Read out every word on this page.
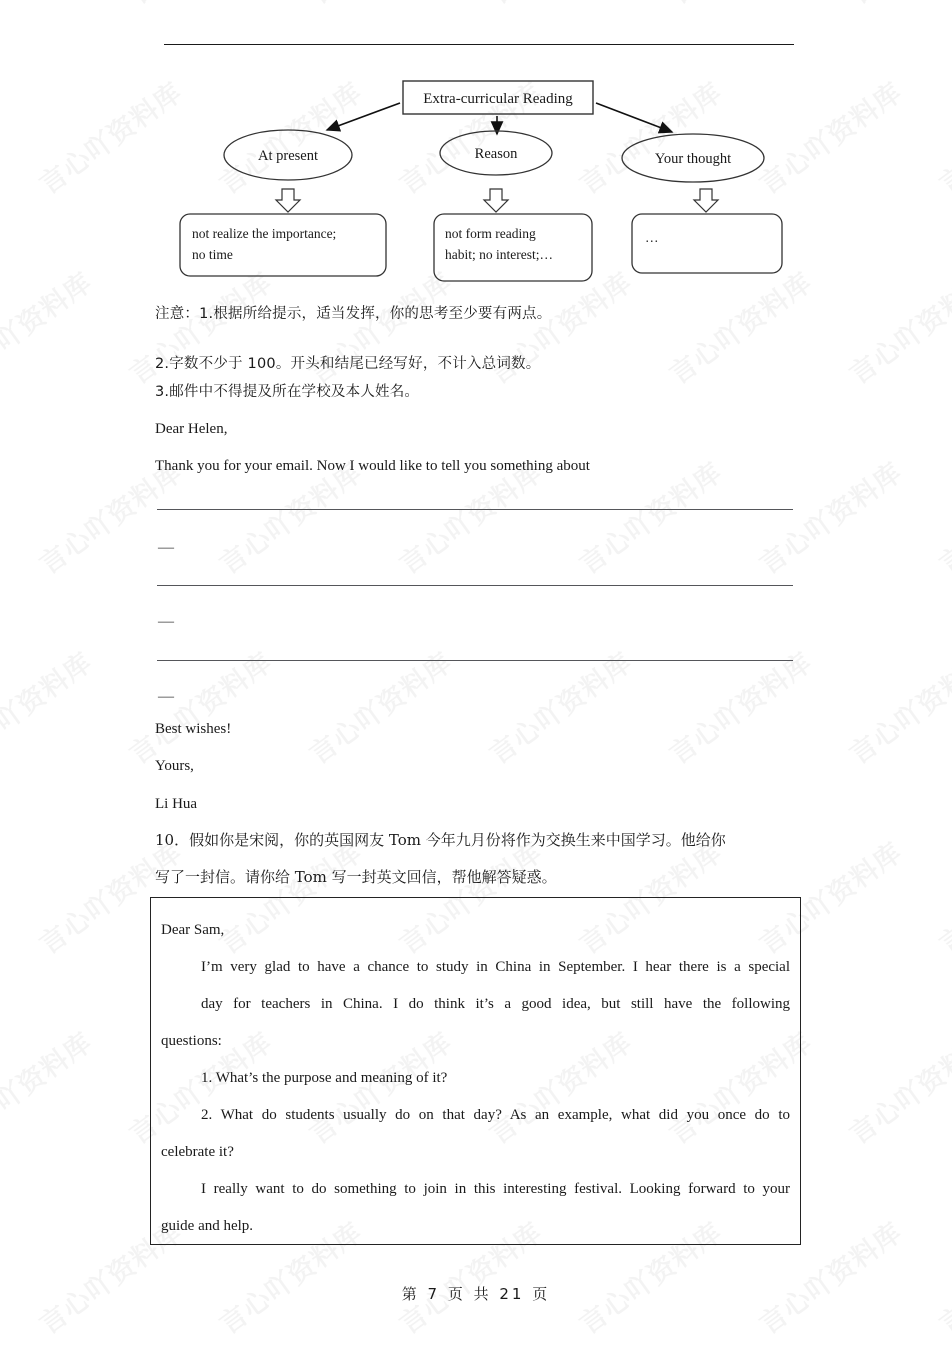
At present	Reason	Your thought
Extra-curricular Reading
not realize the importance;
no time
not form reading
habit; no interest;…
…
注意：1.根据所给提示，适当发挥，你的思考至少要有两点。
2.字数不少于 100。开头和结尾已经写好，不计入总词数。
3.邮件中不得提及所在学校及本人姓名。
Dear Helen,
Thank you for your email. Now I would like to tell you something about
—
—
—
Best wishes!
Yours,
Li Hua
10．假如你是宋阅，你的英国网友 Tom 今年九月份将作为交换生来中国学习。他给你
写了一封信。请你给 Tom 写一封英文回信，帮他解答疑惑。
Dear Sam,
I’m very glad to have a chance to study in China in September. I hear there is a special
day for teachers in China. I do think it’s a good idea, but still have the following
questions:
1. What’s the purpose and meaning of it?
2. What do students usually do on that day? As an example, what did you once do to
celebrate it?
I really want to do something to join in this interesting festival. Looking forward to your
guide and help.
第 7 页 共 21 页
